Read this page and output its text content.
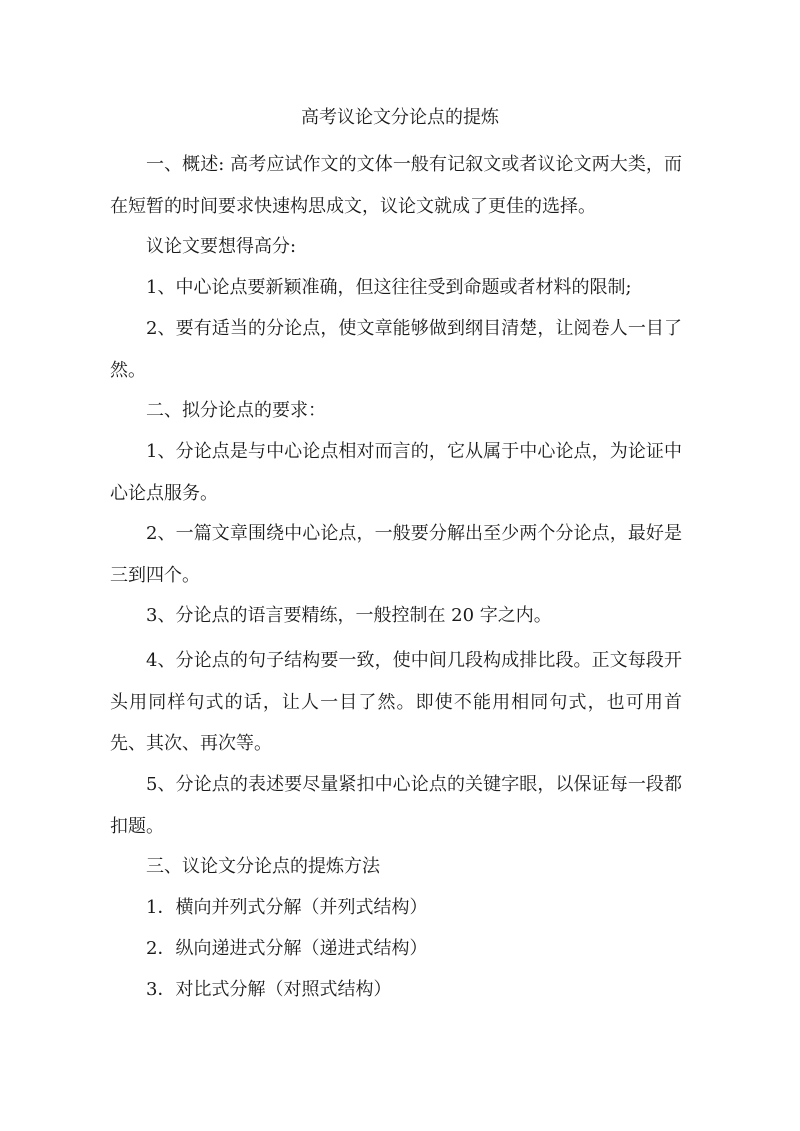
高考议论文分论点的提炼

一、概述: 高考应试作文的文体一般有记叙文或者议论文两大类，而在短暂的时间要求快速构思成文，议论文就成了更佳的选择。

议论文要想得高分:

1、中心论点要新颖准确，但这往往受到命题或者材料的限制;

2、要有适当的分论点，使文章能够做到纲目清楚，让阅卷人一目了然。

二、拟分论点的要求：

1、分论点是与中心论点相对而言的，它从属于中心论点，为论证中心论点服务。

2、一篇文章围绕中心论点，一般要分解出至少两个分论点，最好是三到四个。

3、分论点的语言要精练，一般控制在 20 字之内。

4、分论点的句子结构要一致，使中间几段构成排比段。正文每段开头用同样句式的话，让人一目了然。即使不能用相同句式，也可用首先、其次、再次等。

5、分论点的表述要尽量紧扣中心论点的关键字眼，以保证每一段都扣题。

三、议论文分论点的提炼方法

1．横向并列式分解（并列式结构）

2．纵向递进式分解（递进式结构）

3．对比式分解（对照式结构）
